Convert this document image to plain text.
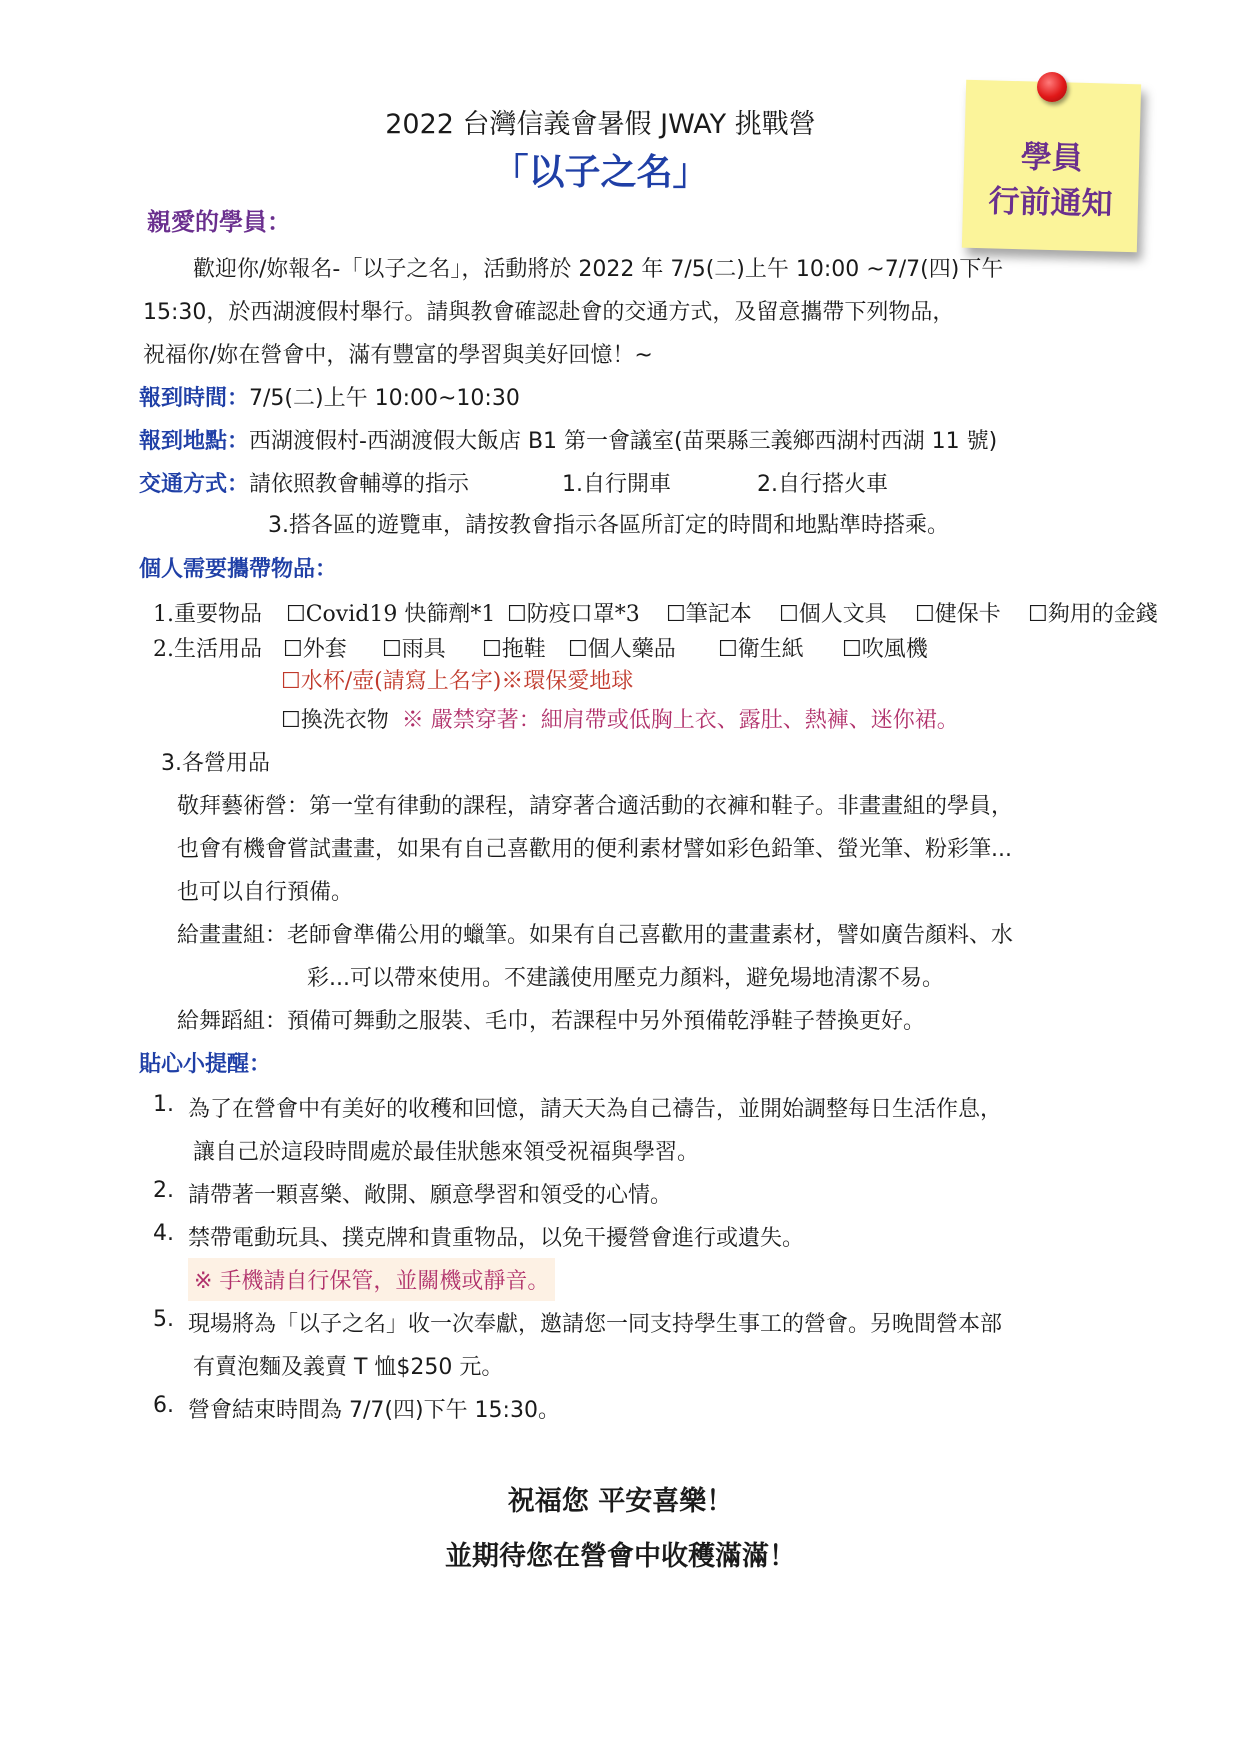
2022 台灣信義會暑假 JWAY 挑戰營
「以子之名」	學員
行前通知
親愛的學員：
歡迎你/妳報名-「以子之名」，活動將於 2022 年 7/5(二)上午 10:00 ~7/7(四)下午
15:30，於西湖渡假村舉行。請與教會確認赴會的交通方式，及留意攜帶下列物品，
祝福你/妳在營會中，滿有豐富的學習與美好回憶！~
報到時間：7/5(二)上午 10:00~10:30
報到地點：西湖渡假村-西湖渡假大飯店 B1 第一會議室(苗栗縣三義鄉西湖村西湖 11 號)
交通方式：請依照教會輔導的指示	1.自行開車	2.自行搭火車
3.搭各區的遊覽車，請按教會指示各區所訂定的時間和地點準時搭乘。
個人需要攜帶物品：
1.重要物品 ☐Covid19 快篩劑*1 ☐防疫口罩*3 ☐筆記本 ☐個人文具 ☐健保卡 ☐夠用的金錢
2.生活用品 ☐外套 ☐雨具 ☐拖鞋 ☐個人藥品 ☐衛生紙 ☐吹風機
☐水杯/壺(請寫上名字)※環保愛地球
☐換洗衣物 ※ 嚴禁穿著：細肩帶或低胸上衣、露肚、熱褲、迷你裙。
3.各營用品
敬拜藝術營：第一堂有律動的課程，請穿著合適活動的衣褲和鞋子。非畫畫組的學員，
也會有機會嘗試畫畫，如果有自己喜歡用的便利素材譬如彩色鉛筆、螢光筆、粉彩筆...
也可以自行預備。
給畫畫組：老師會準備公用的蠟筆。如果有自己喜歡用的畫畫素材，譬如廣告顏料、水
彩...可以帶來使用。不建議使用壓克力顏料，避免場地清潔不易。
給舞蹈組：預備可舞動之服裝、毛巾，若課程中另外預備乾淨鞋子替換更好。
貼心小提醒：
1. 為了在營會中有美好的收穫和回憶，請天天為自己禱告，並開始調整每日生活作息，
讓自己於這段時間處於最佳狀態來領受祝福與學習。
2. 請帶著一顆喜樂、敞開、願意學習和領受的心情。
4. 禁帶電動玩具、撲克牌和貴重物品，以免干擾營會進行或遺失。
※ 手機請自行保管，並關機或靜音。
5. 現場將為「以子之名」收一次奉獻，邀請您一同支持學生事工的營會。另晚間營本部
有賣泡麵及義賣 T 恤$250 元。
6. 營會結束時間為 7/7(四)下午 15:30。
祝福您 平安喜樂！
並期待您在營會中收穫滿滿！
